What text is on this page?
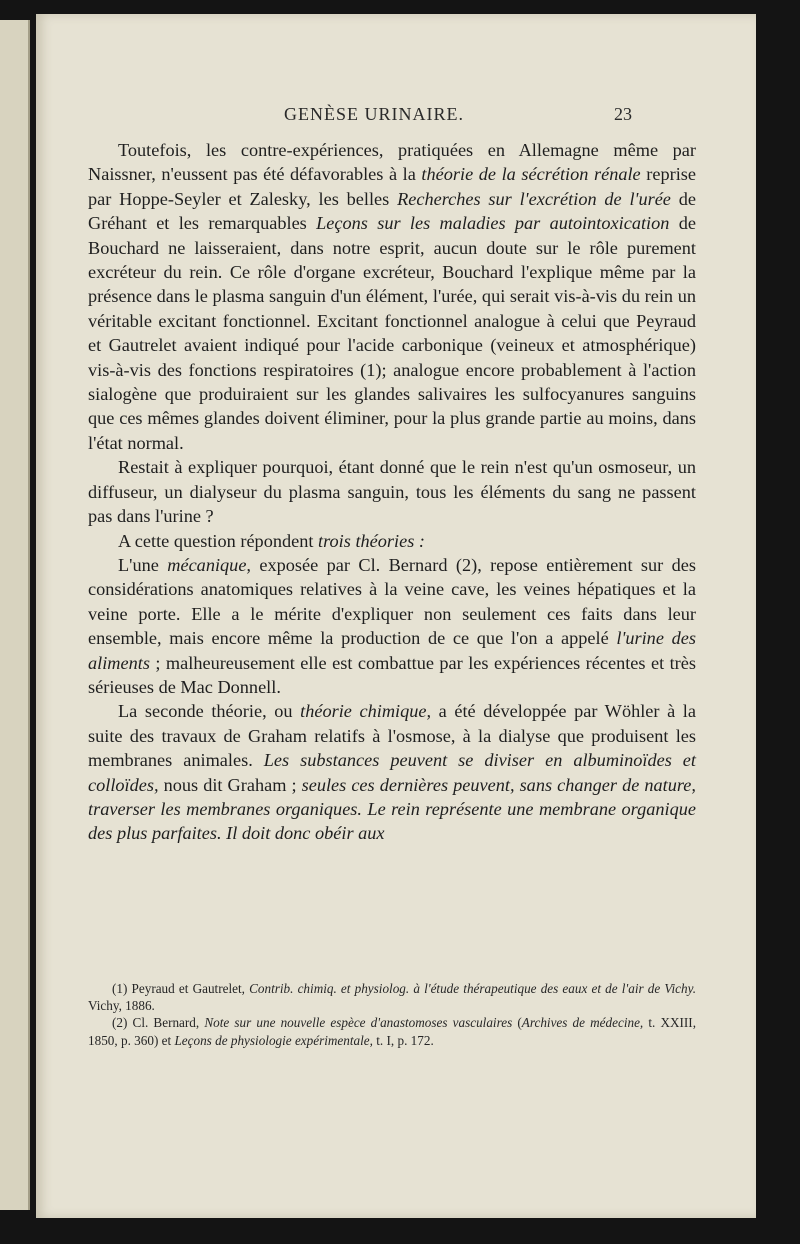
GENÈSE URINAIRE.	23

Toutefois, les contre-expériences, pratiquées en Allemagne même par Naissner, n'eussent pas été défavorables à la théorie de la sécrétion rénale reprise par Hoppe-Seyler et Zalesky, les belles Recherches sur l'excrétion de l'urée de Gréhant et les remarquables Leçons sur les maladies par autointoxication de Bouchard ne laisseraient, dans notre esprit, aucun doute sur le rôle purement excréteur du rein. Ce rôle d'organe excréteur, Bouchard l'explique même par la présence dans le plasma sanguin d'un élément, l'urée, qui serait vis-à-vis du rein un véritable excitant fonctionnel. Excitant fonctionnel analogue à celui que Peyraud et Gautrelet avaient indiqué pour l'acide carbonique (veineux et atmosphérique) vis-à-vis des fonctions respiratoires (1); analogue encore probablement à l'action sialogène que produiraient sur les glandes salivaires les sulfocyanures sanguins que ces mêmes glandes doivent éliminer, pour la plus grande partie au moins, dans l'état normal.

Restait à expliquer pourquoi, étant donné que le rein n'est qu'un osmoseur, un diffuseur, un dialyseur du plasma sanguin, tous les éléments du sang ne passent pas dans l'urine ?

A cette question répondent trois théories :

L'une mécanique, exposée par Cl. Bernard (2), repose entièrement sur des considérations anatomiques relatives à la veine cave, les veines hépatiques et la veine porte. Elle a le mérite d'expliquer non seulement ces faits dans leur ensemble, mais encore même la production de ce que l'on a appelé l'urine des aliments ; malheureusement elle est combattue par les expériences récentes et très sérieuses de Mac Donnell.

La seconde théorie, ou théorie chimique, a été développée par Wöhler à la suite des travaux de Graham relatifs à l'osmose, à la dialyse que produisent les membranes animales. Les substances peuvent se diviser en albuminoïdes et colloïdes, nous dit Graham ; seules ces dernières peuvent, sans changer de nature, traverser les membranes organiques. Le rein représente une membrane organique des plus parfaites. Il doit donc obéir aux

(1) Peyraud et Gautrelet, Contrib. chimiq. et physiolog. à l'étude thérapeutique des eaux et de l'air de Vichy. Vichy, 1886.

(2) Cl. Bernard, Note sur une nouvelle espèce d'anastomoses vasculaires (Archives de médecine, t. XXIII, 1850, p. 360) et Leçons de physiologie expérimentale, t. I, p. 172.
